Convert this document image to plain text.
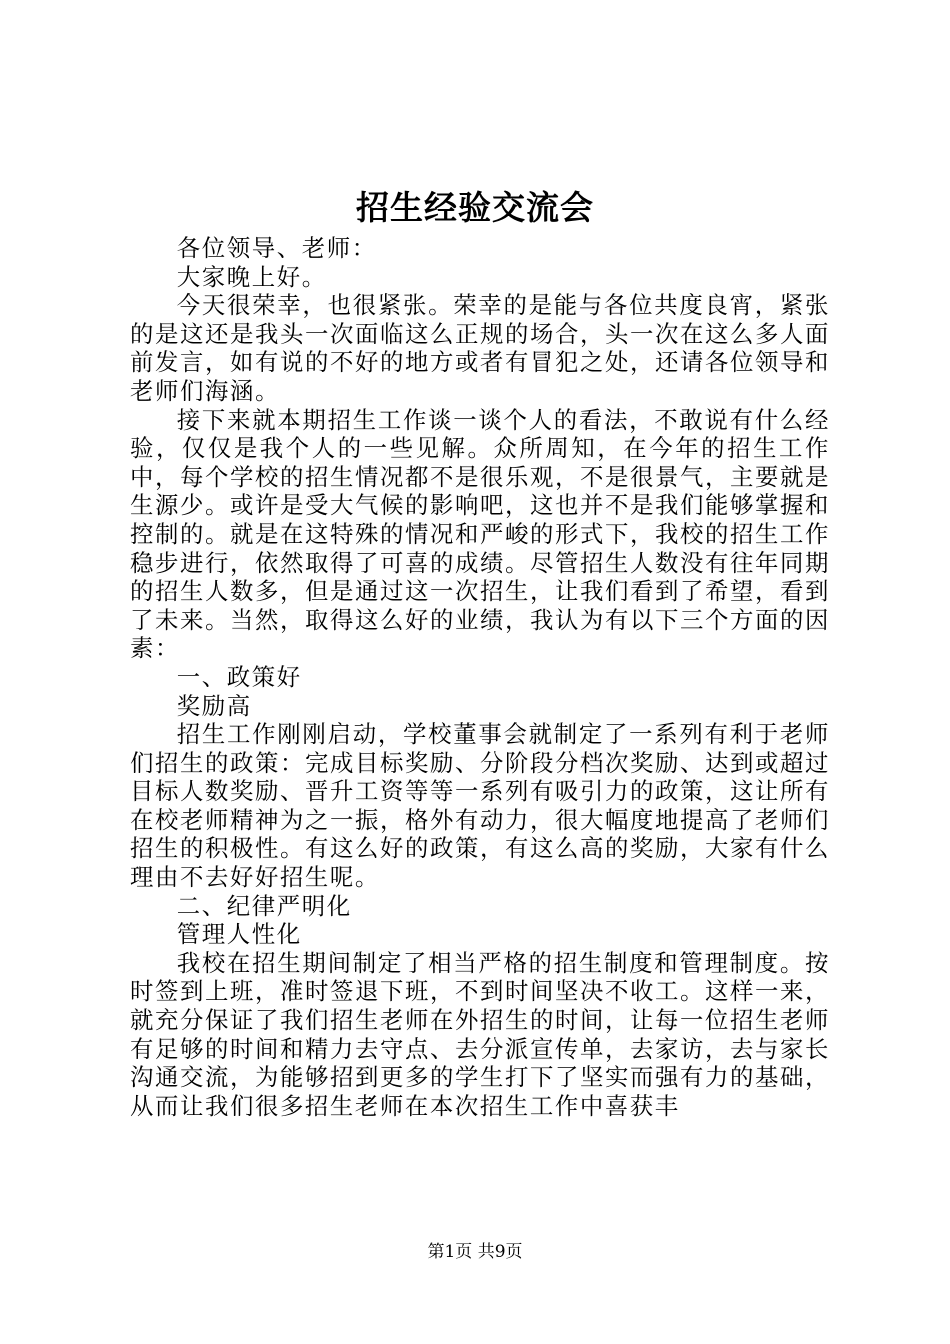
招生经验交流会

各位领导、老师：

大家晚上好。

今天很荣幸，也很紧张。荣幸的是能与各位共度良宵，紧张的是这还是我头一次面临这么正规的场合，头一次在这么多人面前发言，如有说的不好的地方或者有冒犯之处，还请各位领导和老师们海涵。

接下来就本期招生工作谈一谈个人的看法，不敢说有什么经验，仅仅是我个人的一些见解。众所周知，在今年的招生工作中，每个学校的招生情况都不是很乐观，不是很景气，主要就是生源少。或许是受大气候的影响吧，这也并不是我们能够掌握和控制的。就是在这特殊的情况和严峻的形式下，我校的招生工作稳步进行，依然取得了可喜的成绩。尽管招生人数没有往年同期的招生人数多，但是通过这一次招生，让我们看到了希望，看到了未来。当然，取得这么好的业绩，我认为有以下三个方面的因素：

一、政策好

奖励高

招生工作刚刚启动，学校董事会就制定了一系列有利于老师们招生的政策：完成目标奖励、分阶段分档次奖励、达到或超过目标人数奖励、晋升工资等等一系列有吸引力的政策，这让所有在校老师精神为之一振，格外有动力，很大幅度地提高了老师们招生的积极性。有这么好的政策，有这么高的奖励，大家有什么理由不去好好招生呢。

二、纪律严明化

管理人性化

我校在招生期间制定了相当严格的招生制度和管理制度。按时签到上班，准时签退下班，不到时间坚决不收工。这样一来，就充分保证了我们招生老师在外招生的时间，让每一位招生老师有足够的时间和精力去守点、去分派宣传单，去家访，去与家长沟通交流，为能够招到更多的学生打下了坚实而强有力的基础，从而让我们很多招生老师在本次招生工作中喜获丰

第1页 共9页
